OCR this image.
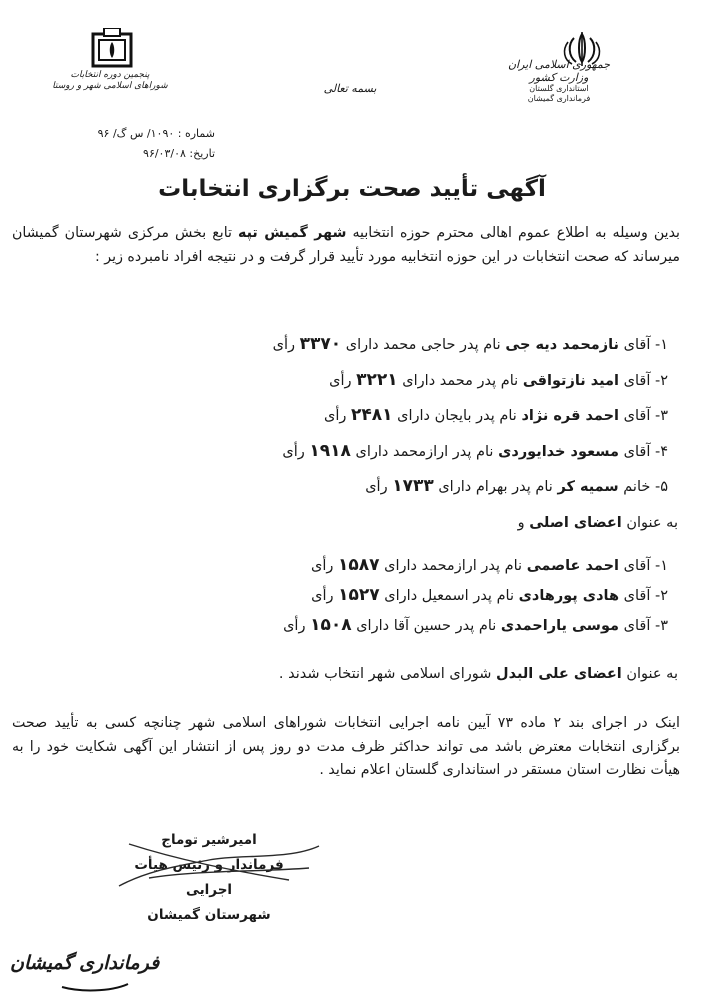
جمهوری اسلامی ایران
وزارت کشور
استانداری گلستان
فرمانداری گمیشان
بسمه تعالی
پنجمین دوره انتخابات
شوراهای اسلامی شهر و روستا
شماره : ۱۰۹۰/ س گ/ ۹۶
تاریخ: ۹۶/۰۳/۰۸
آگهی تأیید صحت برگزاری انتخابات
بدین وسیله به اطلاع عموم اهالی محترم حوزه انتخابیه شهر گمیش تپه تابع بخش مرکزی شهرستان گمیشان میرساند که صحت انتخابات در این حوزه انتخابیه مورد تأیید قرار گرفت و در نتیجه افراد نامبرده زیر :
۱- آقای نازمحمد دیه جی نام پدر حاجی محمد دارای ۳۳۷۰ رأی
۲- آقای امید نازتواقی نام پدر محمد دارای ۳۲۲۱ رأی
۳- آقای احمد قره نژاد نام پدر بایجان دارای ۲۴۸۱ رأی
۴- آقای مسعود خدایوردی نام پدر ارازمحمد دارای ۱۹۱۸ رأی
۵- خانم سمیه کر نام پدر بهرام دارای ۱۷۳۳ رأی
به عنوان اعضای اصلی و
۱- آقای احمد عاصمی نام پدر ارازمحمد دارای ۱۵۸۷ رأی
۲- آقای هادی پورهادی نام پدر اسمعیل دارای ۱۵۲۷ رأی
۳- آقای موسی یاراحمدی نام پدر حسین آقا دارای ۱۵۰۸ رأی
به عنوان اعضای علی البدل شورای اسلامی شهر انتخاب شدند .
اینک در اجرای بند ۲ ماده ۷۳ آیین نامه اجرایی انتخابات شوراهای اسلامی شهر چنانچه کسی به تأیید صحت برگزاری انتخابات معترض باشد می تواند حداکثر ظرف مدت دو روز پس از انتشار این آگهی شکایت خود را به هیأت نظارت استان مستقر در استانداری گلستان اعلام نماید .
امیرشیر توماج
فرماندار و رئیس هیأت اجرایی
شهرستان گمیشان
فرمانداری گمیشان
